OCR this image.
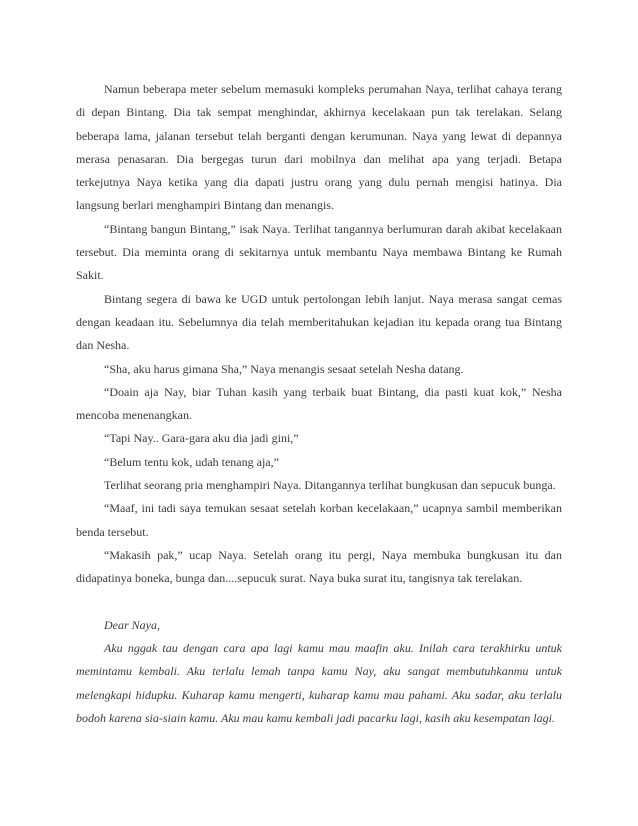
Namun beberapa meter sebelum memasuki kompleks perumahan Naya, terlihat cahaya terang di depan Bintang. Dia tak sempat menghindar, akhirnya kecelakaan pun tak terelakan. Selang beberapa lama, jalanan tersebut telah berganti dengan kerumunan. Naya yang lewat di depannya merasa penasaran. Dia bergegas turun dari mobilnya dan melihat apa yang terjadi. Betapa terkejutnya Naya ketika yang dia dapati justru orang yang dulu pernah mengisi hatinya. Dia langsung berlari menghampiri Bintang dan menangis.

“Bintang bangun Bintang,” isak Naya. Terlihat tangannya berlumuran darah akibat kecelakaan tersebut. Dia meminta orang di sekitarnya untuk membantu Naya membawa Bintang ke Rumah Sakit.

Bintang segera di bawa ke UGD untuk pertolongan lebih lanjut. Naya merasa sangat cemas dengan keadaan itu. Sebelumnya dia telah memberitahukan kejadian itu kepada orang tua Bintang dan Nesha.

“Sha, aku harus gimana Sha,” Naya menangis sesaat setelah Nesha datang.

“Doain aja Nay, biar Tuhan kasih yang terbaik buat Bintang, dia pasti kuat kok,” Nesha mencoba menenangkan.

“Tapi Nay.. Gara-gara aku dia jadi gini,”

“Belum tentu kok, udah tenang aja,”

Terlihat seorang pria menghampiri Naya. Ditangannya terlihat bungkusan dan sepucuk bunga.

“Maaf, ini tadi saya temukan sesaat setelah korban kecelakaan,” ucapnya sambil memberikan benda tersebut.

“Makasih pak,” ucap Naya. Setelah orang itu pergi, Naya membuka bungkusan itu dan didapatinya boneka, bunga dan....sepucuk surat. Naya buka surat itu, tangisnya tak terelakan.

Dear Naya,

Aku nggak tau dengan cara apa lagi kamu mau maafin aku. Inilah cara terakhirku untuk memintamu kembali. Aku terlalu lemah tanpa kamu Nay, aku sangat membutuhkanmu untuk melengkapi hidupku. Kuharap kamu mengerti, kuharap kamu mau pahami. Aku sadar, aku terlalu bodoh karena sia-siain kamu. Aku mau kamu kembali jadi pacarku lagi, kasih aku kesempatan lagi.
